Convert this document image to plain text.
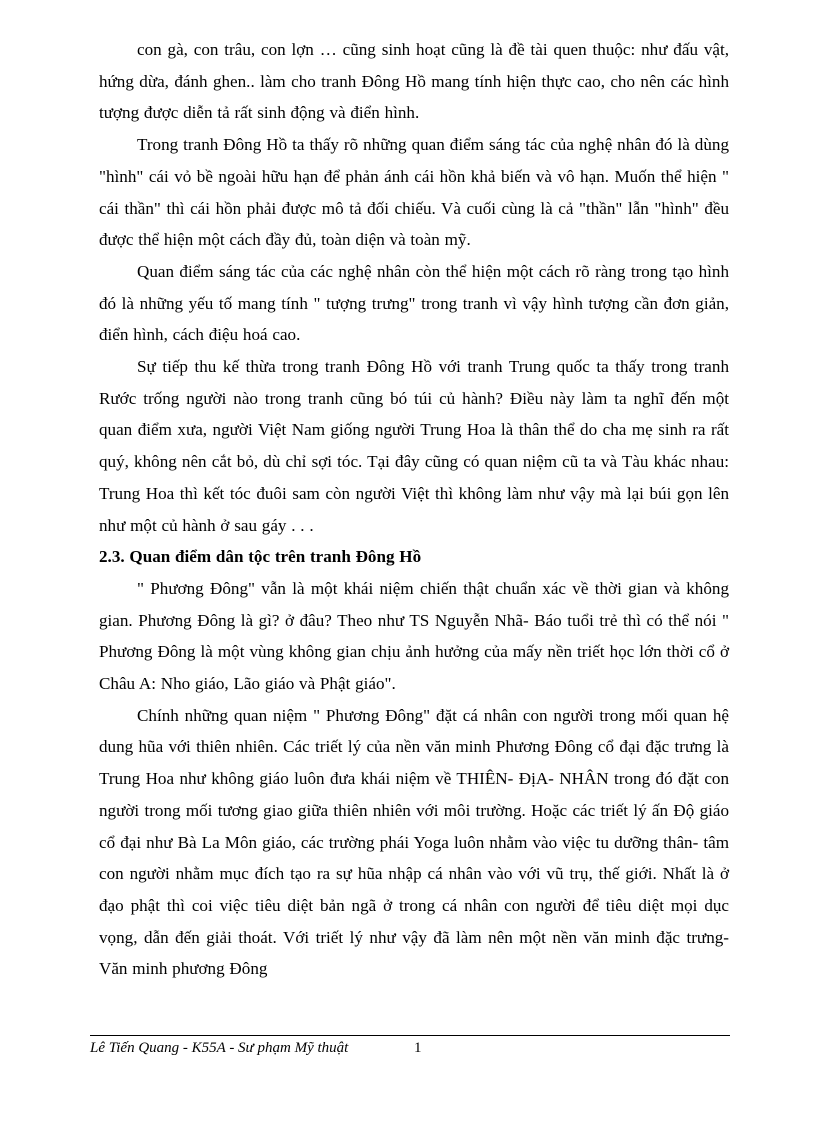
con gà, con trâu, con lợn … cũng sinh hoạt cũng là đề tài quen thuộc: như đấu vật, hứng dừa, đánh ghen.. làm cho tranh Đông Hồ mang tính hiện thực cao, cho nên các hình tượng được diễn tả rất sinh động và điển hình.

Trong tranh Đông Hồ ta thấy rõ những quan điểm sáng tác của nghệ nhân đó là dùng "hình" cái vỏ bề ngoài hữu hạn để phản ánh cái hồn khả biến và vô hạn. Muốn thể hiện " cái thần" thì cái hồn phải được mô tả đối chiếu. Và cuối cùng là cả "thần" lẫn "hình" đều được thể hiện một cách đầy đủ, toàn diện và toàn mỹ.

Quan điểm sáng tác của các nghệ nhân còn thể hiện một cách rõ ràng trong tạo hình đó là những yếu tố mang tính " tượng trưng" trong tranh vì vậy hình tượng cần đơn giản, điển hình, cách điệu hoá cao.

Sự tiếp thu kế thừa trong tranh Đông Hồ với tranh Trung quốc ta thấy trong tranh Rước trống người nào trong tranh cũng bó túi củ hành? Điều này làm ta nghĩ đến một quan điểm xưa, người Việt Nam giống người Trung Hoa là thân thể do cha mẹ sinh ra rất quý, không nên cắt bỏ, dù chỉ sợi tóc. Tại đây cũng có quan niệm cũ ta và Tàu khác nhau: Trung Hoa thì kết tóc đuôi sam còn người Việt thì không làm như vậy mà lại búi gọn lên như một củ hành ở sau gáy . . .

2.3. Quan điểm dân tộc trên tranh Đông Hồ

" Phương Đông" vẫn là một khái niệm chiến thật chuẩn xác về thời gian và không gian. Phương Đông là gì? ở đâu? Theo như TS Nguyễn Nhã- Báo tuổi trẻ thì có thể nói " Phương Đông là một vùng không gian chịu ảnh hưởng của mấy nền triết học lớn thời cổ ở Châu A: Nho giáo, Lão giáo và Phật giáo".

Chính những quan niệm " Phương Đông" đặt cá nhân con người trong mối quan hệ dung hũa với thiên nhiên. Các triết lý của nền văn minh Phương Đông cổ đại đặc trưng là Trung Hoa như không giáo luôn đưa khái niệm về THIÊN- ĐịA- NHÂN trong đó đặt con người trong mối tương giao giữa thiên nhiên với môi trường. Hoặc các triết lý ấn Độ giáo cổ đại như Bà La Môn giáo, các trường phái Yoga luôn nhằm vào việc tu dưỡng thân- tâm con người nhằm mục đích tạo ra sự hũa nhập cá nhân vào với vũ trụ, thế giới. Nhất là ở đạo phật thì coi việc tiêu diệt bản ngã ở trong cá nhân con người để tiêu diệt mọi dục vọng, dẫn đến giải thoát. Với triết lý như vậy đã làm nên một nền văn minh đặc trưng- Văn minh phương Đông

Lê Tiến Quang - K55A - Sư phạm Mỹ thuật	1
